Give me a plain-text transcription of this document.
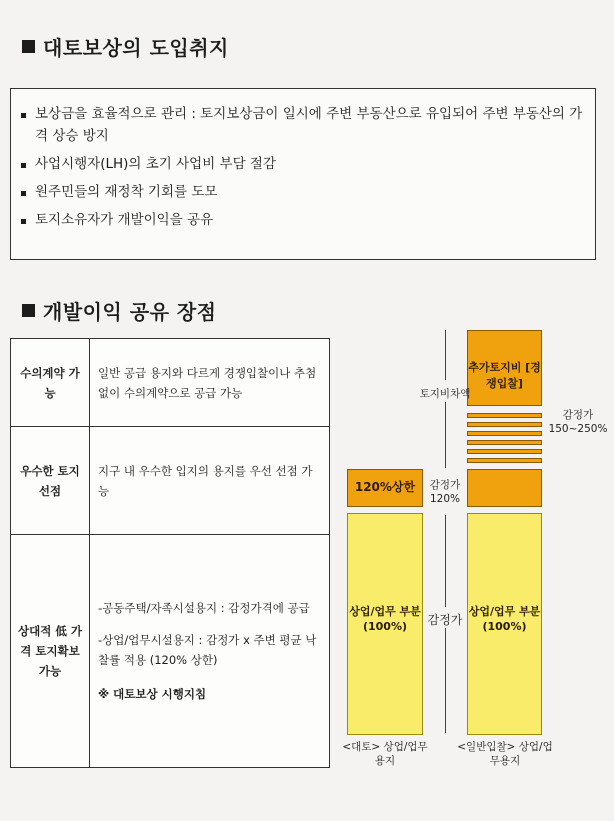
대토보상의 도입취지
보상금을 효율적으로 관리 : 토지보상금이 일시에 주변 부동산으로 유입되어 주변 부동산의 가격 상승 방지
사업시행자(LH)의 초기 사업비 부담 절감
원주민들의 재정착 기회를 도모
토지소유자가 개발이익을 공유
개발이익 공유 장점
수의계약 가능	일반 공급 용지와 다르게 경쟁입찰이나 추첨 없이 수의계약으로 공급 가능
우수한 토지 선점	지구 내 우수한 입지의 용지를 우선 선점 가능
상대적 低 가격 토지확보 가능	-공동주택/자족시설용지 : 감정가격에 공급
-상업/업무시설용지 : 감정가 x 주변 평균 낙찰률 적용 (120% 상한)
※ 대토보상 시행지침
추가토지비 [경쟁입찰]
상업/업무 부분 (100%)
120%상한
상업/업무 부분 (100%)
토지비차액
감정가 150~250%
감정가 120%
감정가
<대토> 상업/업무용지
<일반입찰> 상업/업무용지
